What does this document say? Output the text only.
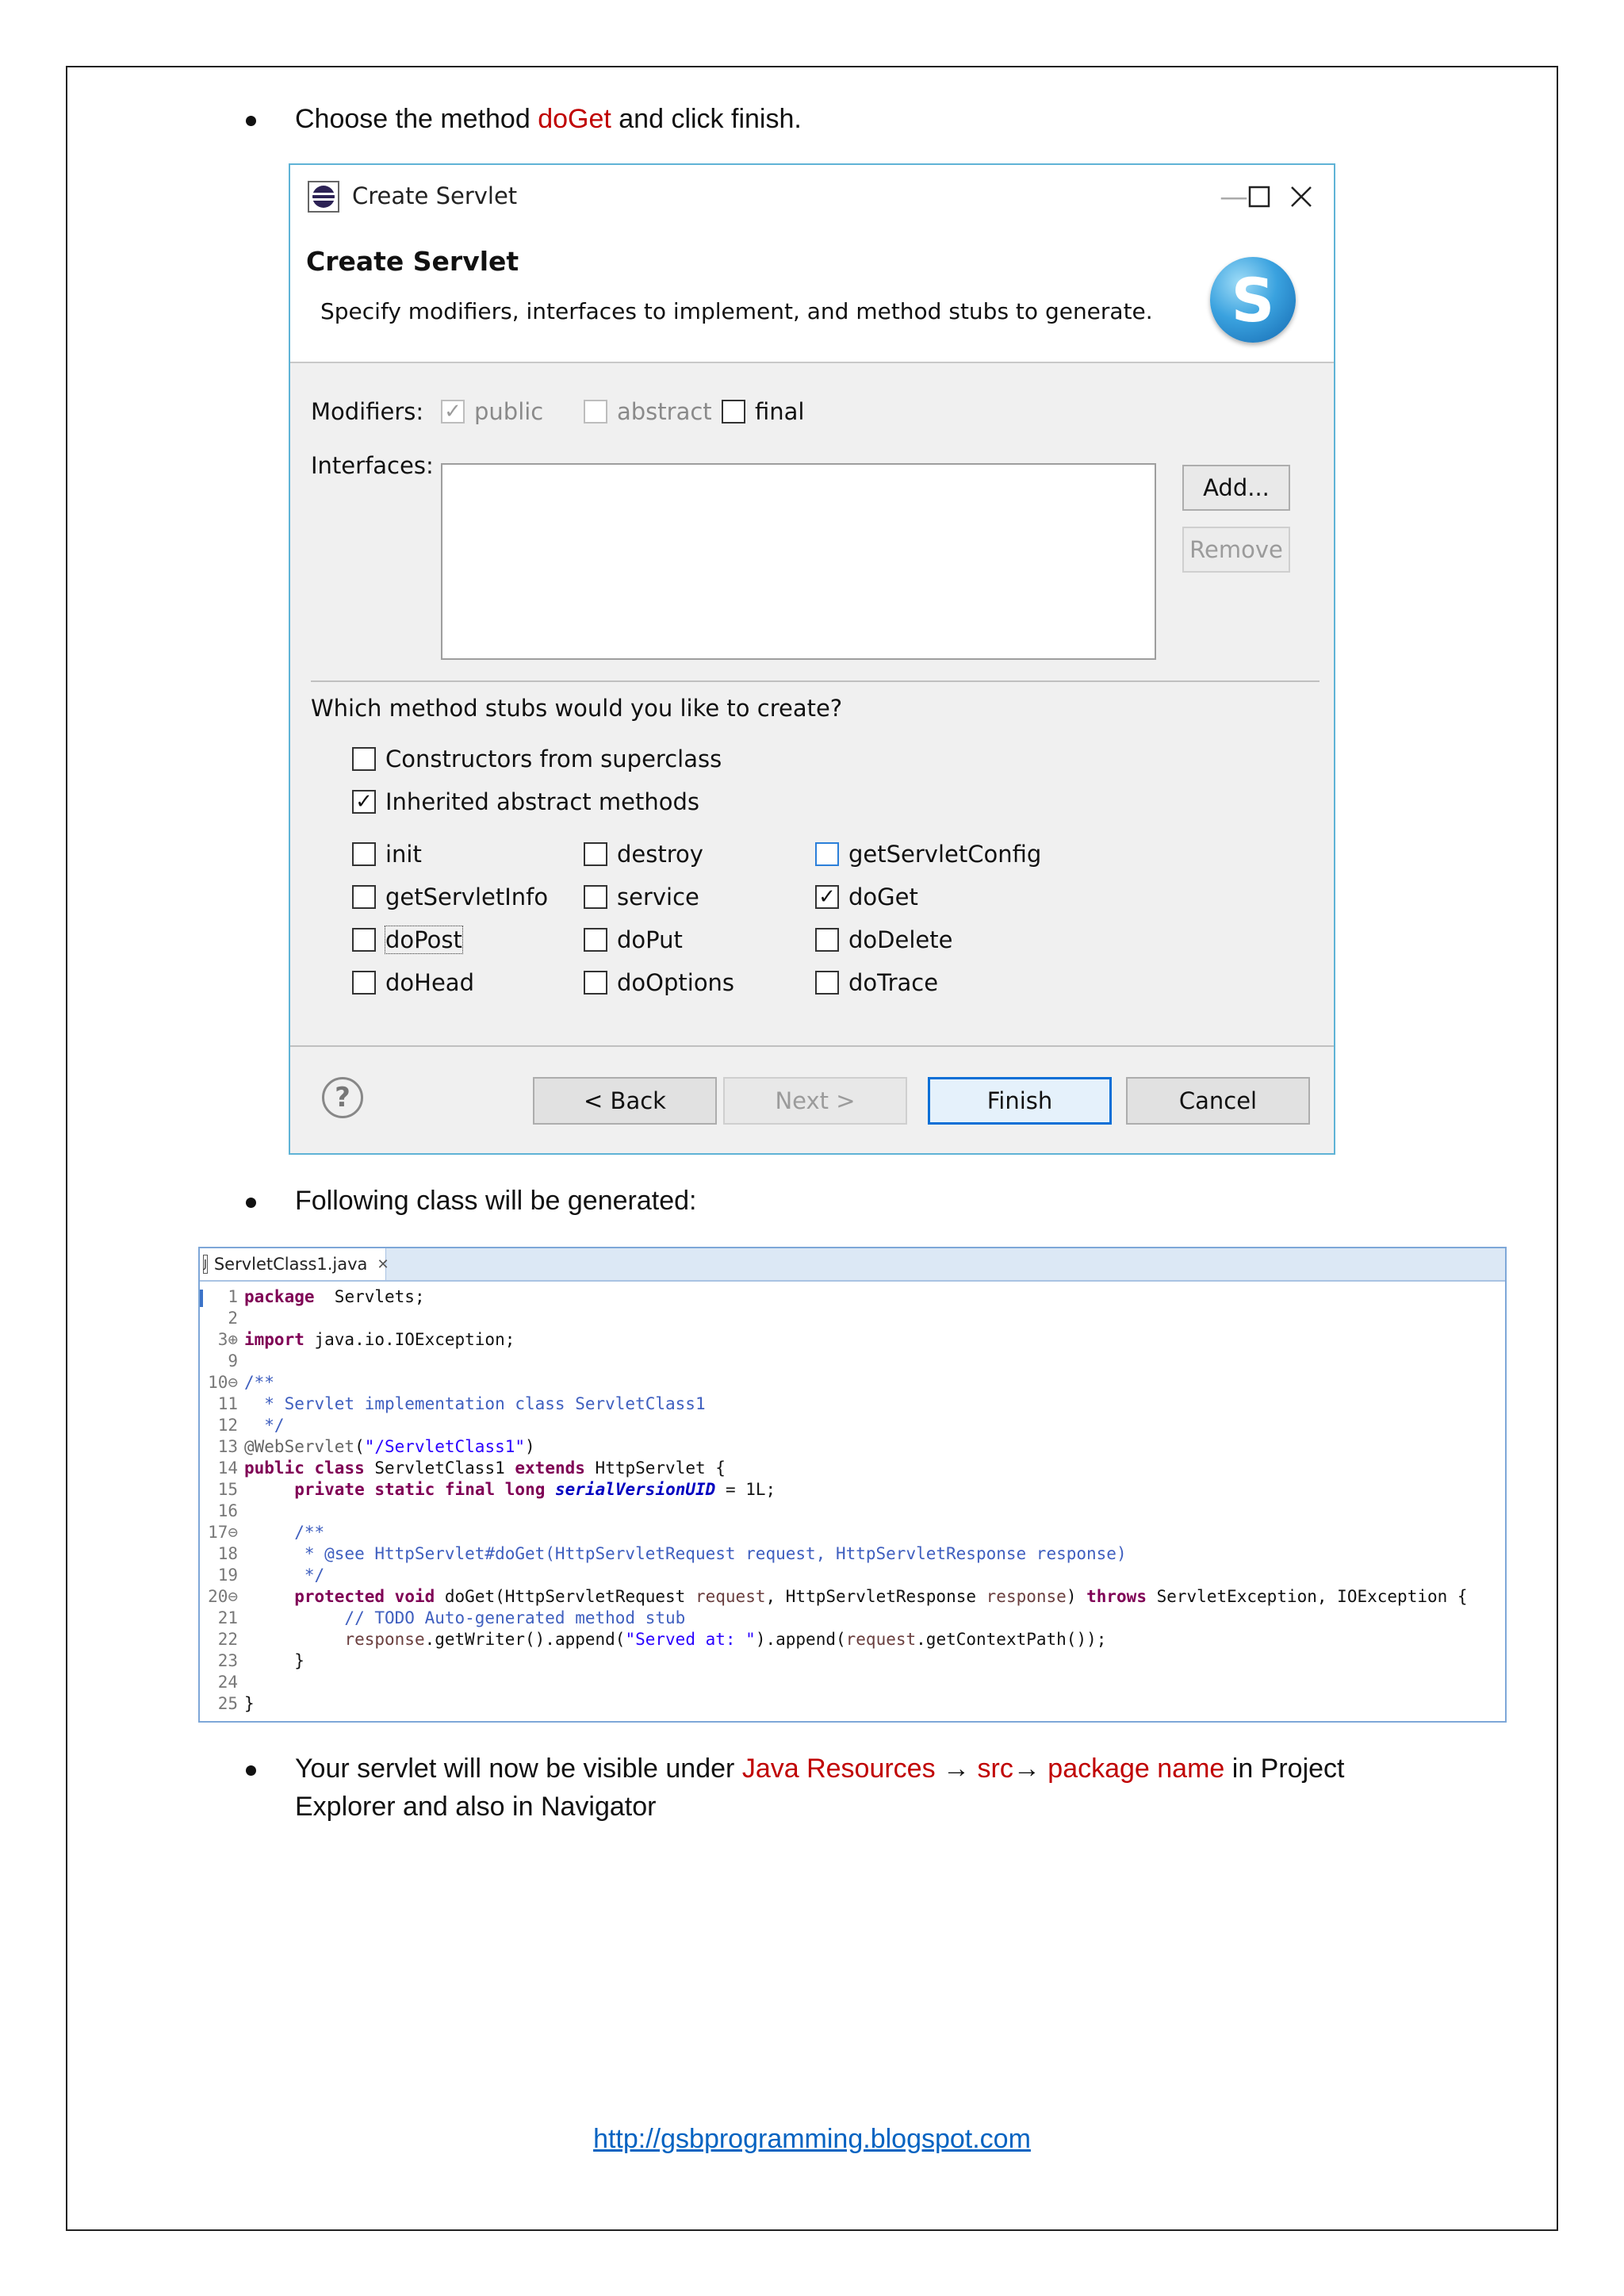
Choose the method doGet and click finish.
Create Servlet	—
Create Servlet
Specify modifiers, interfaces to implement, and method stubs to generate.	S
Modifiers: ✓ public	abstract final
Interfaces:
Add...
Remove
Which method stubs would you like to create?
Constructors from superclass
✓ Inherited abstract methods
init	destroy	getServletConfig
getServletInfo	service	✓ doGet
doPost	doPut	doDelete
doHead	doOptions	doTrace
?	< Back	Next >	Finish	Cancel
Following class will be generated:
J ServletClass1.java ✕
1 package  Servlets;
2
3⊕ import java.io.IOException;
9
10⊖ /**
11 * Servlet implementation class ServletClass1
12 */
13 @WebServlet("/ServletClass1")
14 public class ServletClass1 extends HttpServlet {
15	private static final long serialVersionUID = 1L;
16
17⊖ /**
18 * @see HttpServlet#doGet(HttpServletRequest request, HttpServletResponse response)
19 */
20⊖	protected void doGet(HttpServletRequest request, HttpServletResponse response) throws ServletException, IOException {
21 // TODO Auto-generated method stub
22	response.getWriter().append("Served at: ").append(request.getContextPath());
23 }
24
25 }
Your servlet will now be visible under Java Resources → src→ package name in Project
Explorer and also in Navigator
http://gsbprogramming.blogspot.com
